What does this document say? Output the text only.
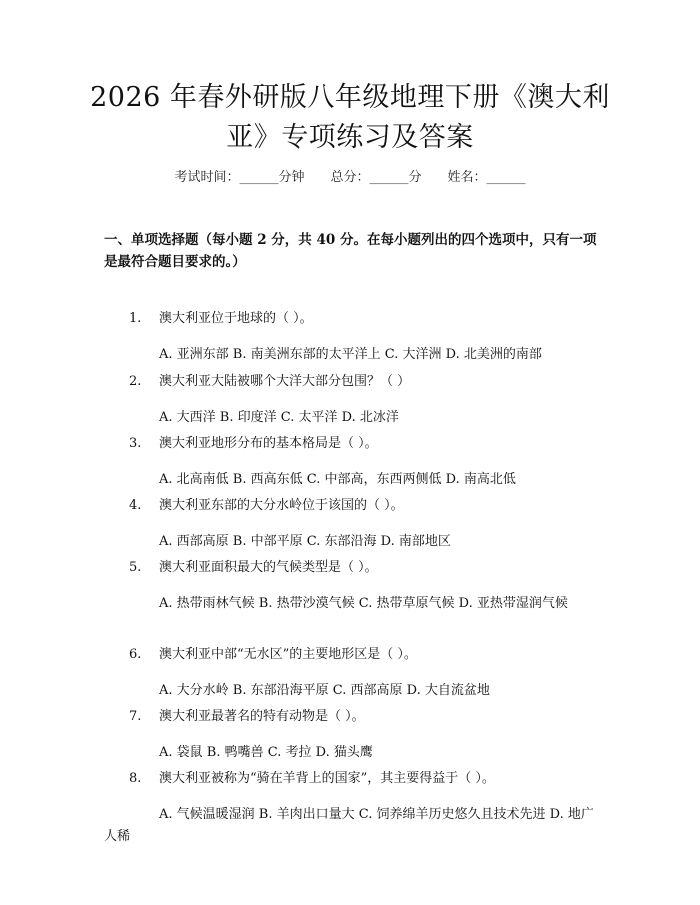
2026 年春外研版八年级地理下册《澳大利
亚》专项练习及答案
考试时间：______分钟 总分：______分 姓名：______
一、单项选择题（每小题 2 分，共 40 分。在每小题列出的四个选项中，只有一项是最符合题目要求的。）
1. 澳大利亚位于地球的（ ）。
A. 亚洲东部 B. 南美洲东部的太平洋上 C. 大洋洲 D. 北美洲的南部
2. 澳大利亚大陆被哪个大洋大部分包围？（ ）
A. 大西洋 B. 印度洋 C. 太平洋 D. 北冰洋
3. 澳大利亚地形分布的基本格局是（ ）。
A. 北高南低 B. 西高东低 C. 中部高，东西两侧低 D. 南高北低
4. 澳大利亚东部的大分水岭位于该国的（ ）。
A. 西部高原 B. 中部平原 C. 东部沿海 D. 南部地区
5. 澳大利亚面积最大的气候类型是（ ）。
A. 热带雨林气候 B. 热带沙漠气候 C. 热带草原气候 D. 亚热带湿润气候
6. 澳大利亚中部“无水区”的主要地形区是（ ）。
A. 大分水岭 B. 东部沿海平原 C. 西部高原 D. 大自流盆地
7. 澳大利亚最著名的特有动物是（ ）。
A. 袋鼠 B. 鸭嘴兽 C. 考拉 D. 猫头鹰
8. 澳大利亚被称为“骑在羊背上的国家”，其主要得益于（ ）。
A. 气候温暖湿润 B. 羊肉出口量大 C. 饲养绵羊历史悠久且技术先进 D. 地广人稀
